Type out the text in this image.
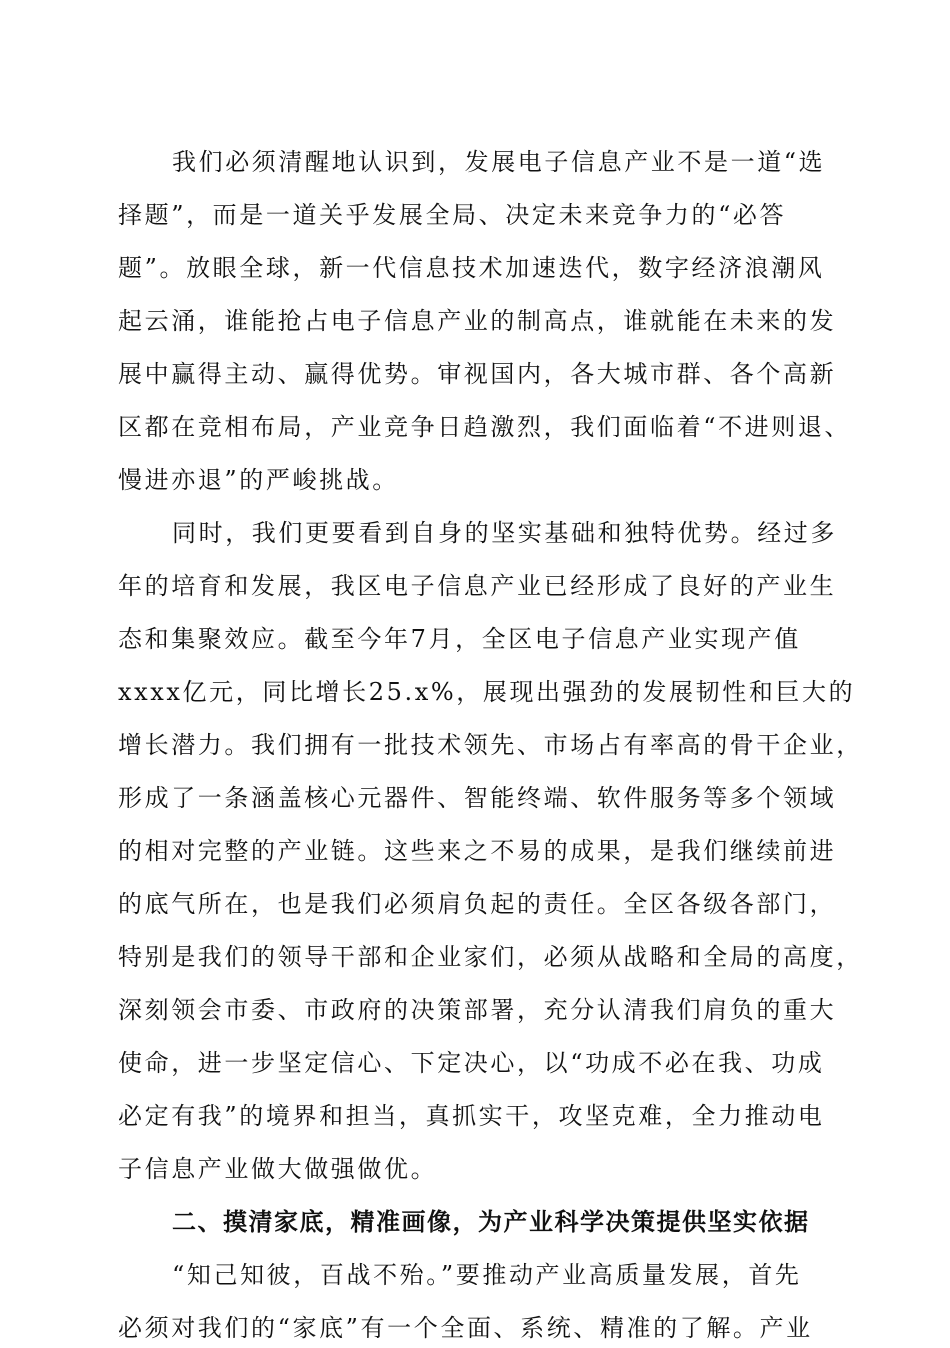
我们必须清醒地认识到，发展电子信息产业不是一道“选
择题”，而是一道关乎发展全局、决定未来竞争力的“必答
题”。放眼全球，新一代信息技术加速迭代，数字经济浪潮风
起云涌，谁能抢占电子信息产业的制高点，谁就能在未来的发
展中赢得主动、赢得优势。审视国内，各大城市群、各个高新
区都在竞相布局，产业竞争日趋激烈，我们面临着“不进则退、
慢进亦退”的严峻挑战。
同时，我们更要看到自身的坚实基础和独特优势。经过多
年的培育和发展，我区电子信息产业已经形成了良好的产业生
态和集聚效应。截至今年7月，全区电子信息产业实现产值
xxxx亿元，同比增长25.x%，展现出强劲的发展韧性和巨大的
增长潜力。我们拥有一批技术领先、市场占有率高的骨干企业，
形成了一条涵盖核心元器件、智能终端、软件服务等多个领域
的相对完整的产业链。这些来之不易的成果，是我们继续前进
的底气所在，也是我们必须肩负起的责任。全区各级各部门，
特别是我们的领导干部和企业家们，必须从战略和全局的高度，
深刻领会市委、市政府的决策部署，充分认清我们肩负的重大
使命，进一步坚定信心、下定决心，以“功成不必在我、功成
必定有我”的境界和担当，真抓实干，攻坚克难，全力推动电
子信息产业做大做强做优。
二、摸清家底，精准画像，为产业科学决策提供坚实依据
“知己知彼，百战不殆。”要推动产业高质量发展，首先
必须对我们的“家底”有一个全面、系统、精准的了解。产业
